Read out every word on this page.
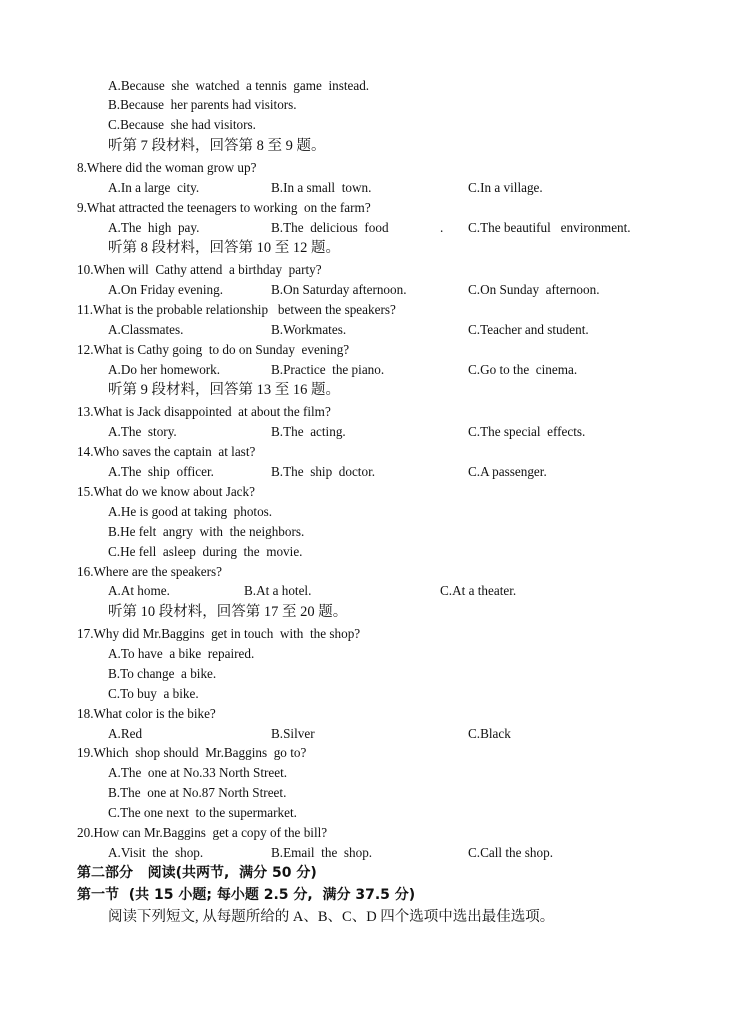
A.Because  she  watched  a tennis  game  instead.
B.Because  her parents had visitors.
C.Because  she had visitors.
听第 7 段材料，回答第 8 至 9 题。
8.Where did the woman grow up?
A.In a large  city.	B.In a small  town.	C.In a village.
9.What attracted the teenagers to working  on the farm?
A.The  high  pay.	B.The  delicious  food	. C.The beautiful   environment.
听第 8 段材料，回答第 10 至 12 题。
10.When will  Cathy attend  a birthday  party?
A.On Friday evening.	B.On Saturday afternoon.	C.On Sunday  afternoon.
11.What is the probable relationship   between the speakers?
A.Classmates.	B.Workmates.	C.Teacher and student.
12.What is Cathy going  to do on Sunday  evening?
A.Do her homework.	B.Practice  the piano.	C.Go to the  cinema.
听第 9 段材料，回答第 13 至 16 题。
13.What is Jack disappointed  at about the film?
A.The  story.	B.The  acting.	C.The special  effects.
14.Who saves the captain  at last?
A.The  ship  officer.	B.The  ship  doctor.	C.A passenger.
15.What do we know about Jack?
A.He is good at taking  photos.
B.He felt  angry  with  the neighbors.
C.He fell  asleep  during  the  movie.
16.Where are the speakers?
A.At home.	B.At a hotel.	C.At a theater.
听第 10 段材料，回答第 17 至 20 题。
17.Why did Mr.Baggins  get in touch  with  the shop?
A.To have  a bike  repaired.
B.To change  a bike.
C.To buy  a bike.
18.What color is the bike?
A.Red	B.Silver	C.Black
19.Which  shop should  Mr.Baggins  go to?
A.The  one at No.33 North Street.
B.The  one at No.87 North Street.
C.The one next  to the supermarket.
20.How can Mr.Baggins  get a copy of the bill?
A.Visit  the  shop.	B.Email  the  shop.	C.Call the shop.
第二部分   阅读(共两节,  满分 50 分)
第一节  (共 15 小题; 每小题 2.5 分,  满分 37.5 分)
阅读下列短文, 从每题所给的 A、B、C、D 四个选项中选出最佳选项。
